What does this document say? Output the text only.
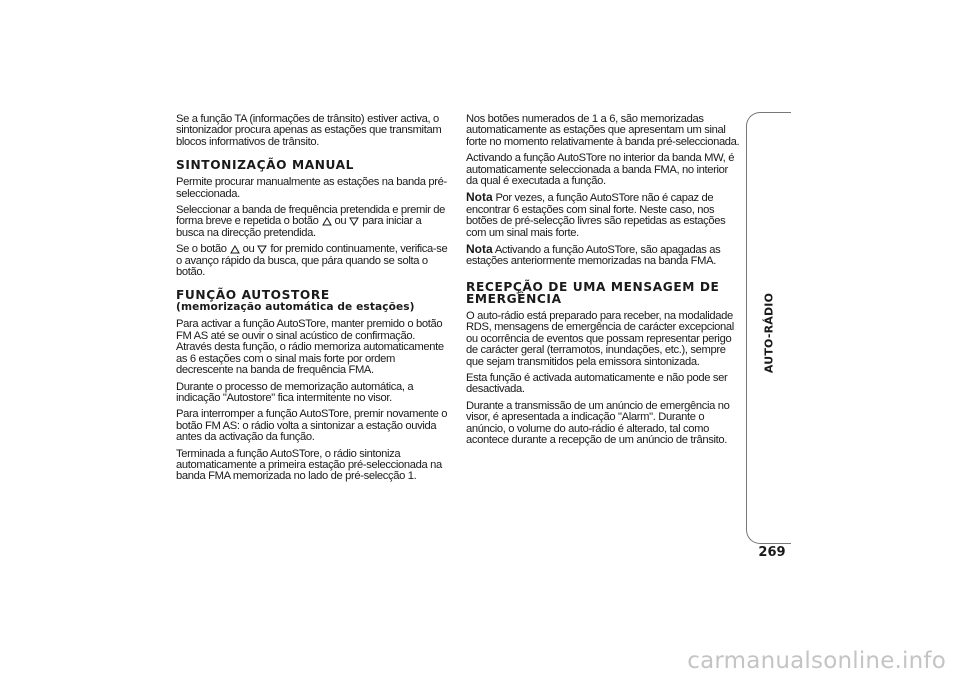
Se a função TA (informações de trânsito) estiver activa, o sintonizador procura apenas as estações que transmitam blocos informativos de trânsito.

SINTONIZAÇÃO MANUAL

Permite procurar manualmente as estações na banda pré-seleccionada.

Seleccionar a banda de frequência pretendida e premir de forma breve e repetida o botão ou para iniciar a busca na direcção pretendida.

Se o botão ou for premido continuamente, verifica-se o avanço rápido da busca, que pára quando se solta o botão.

FUNÇÃO AUTOSTORE
(memorização automática de estações)

Para activar a função AutoSTore, manter premido o botão FM AS até se ouvir o sinal acústico de confirmação. Através desta função, o rádio memoriza automaticamente as 6 estações com o sinal mais forte por ordem decrescente na banda de frequência FMA.

Durante o processo de memorização automática, a indicação "Autostore" fica intermitente no visor.

Para interromper a função AutoSTore, premir novamente o botão FM AS: o rádio volta a sintonizar a estação ouvida antes da activação da função.

Terminada a função AutoSTore, o rádio sintoniza automaticamente a primeira estação pré-seleccionada na banda FMA memorizada no lado de pré-selecção 1.

Nos botões numerados de 1 a 6, são memorizadas automaticamente as estações que apresentam um sinal forte no momento relativamente à banda pré-seleccionada.

Activando a função AutoSTore no interior da banda MW, é automaticamente seleccionada a banda FMA, no interior da qual é executada a função.

Nota Por vezes, a função AutoSTore não é capaz de encontrar 6 estações com sinal forte. Neste caso, nos botões de pré-selecção livres são repetidas as estações com um sinal mais forte.

Nota Activando a função AutoSTore, são apagadas as estações anteriormente memorizadas na banda FMA.

RECEPÇÃO DE UMA MENSAGEM DE
EMERGÊNCIA

O auto-rádio está preparado para receber, na modalidade RDS, mensagens de emergência de carácter excepcional ou ocorrência de eventos que possam representar perigo de carácter geral (terramotos, inundações, etc.), sempre que sejam transmitidos pela emissora sintonizada.

Esta função é activada automaticamente e não pode ser desactivada.

Durante a transmissão de um anúncio de emergência no visor, é apresentada a indicação "Alarm". Durante o anúncio, o volume do auto-rádio é alterado, tal como acontece durante a recepção de um anúncio de trânsito.

AUTO-RÁDIO
269
carmanualsonline.info
